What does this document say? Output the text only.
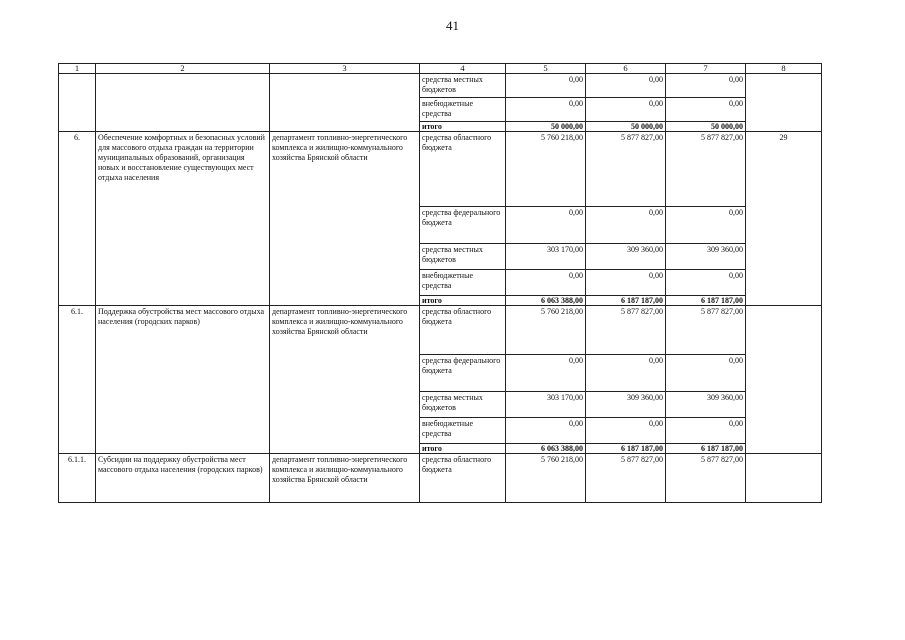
41
1	2	3	4	5	6	7	8
			средства местных бюджетов	0,00	0,00	0,00	
			внебюджетные средства	0,00	0,00	0,00	
			итого	50 000,00	50 000,00	50 000,00	
6.	Обеспечение комфортных и безопасных условий для массового отдыха граждан на территории муниципальных образований, организация новых и восстановление существующих мест отдыха населения	департамент топливно-энергетического комплекса и жилищно-коммунального хозяйства Брянской области	средства областного бюджета	5 760 218,00	5 877 827,00	5 877 827,00	29
			средства федерального бюджета	0,00	0,00	0,00	
			средства местных бюджетов	303 170,00	309 360,00	309 360,00	
			внебюджетные средства	0,00	0,00	0,00	
			итого	6 063 388,00	6 187 187,00	6 187 187,00	
6.1.	Поддержка обустройства мест массового отдыха населения (городских парков)	департамент топливно-энергетического комплекса и жилищно-коммунального хозяйства Брянской области	средства областного бюджета	5 760 218,00	5 877 827,00	5 877 827,00	
			средства федерального бюджета	0,00	0,00	0,00	
			средства местных бюджетов	303 170,00	309 360,00	309 360,00	
			внебюджетные средства	0,00	0,00	0,00	
			итого	6 063 388,00	6 187 187,00	6 187 187,00	
6.1.1.	Субсидии на поддержку обустройства мест массового отдыха населения (городских парков)	департамент топливно-энергетического комплекса и жилищно-коммунального хозяйства Брянской области	средства областного бюджета	5 760 218,00	5 877 827,00	5 877 827,00	
